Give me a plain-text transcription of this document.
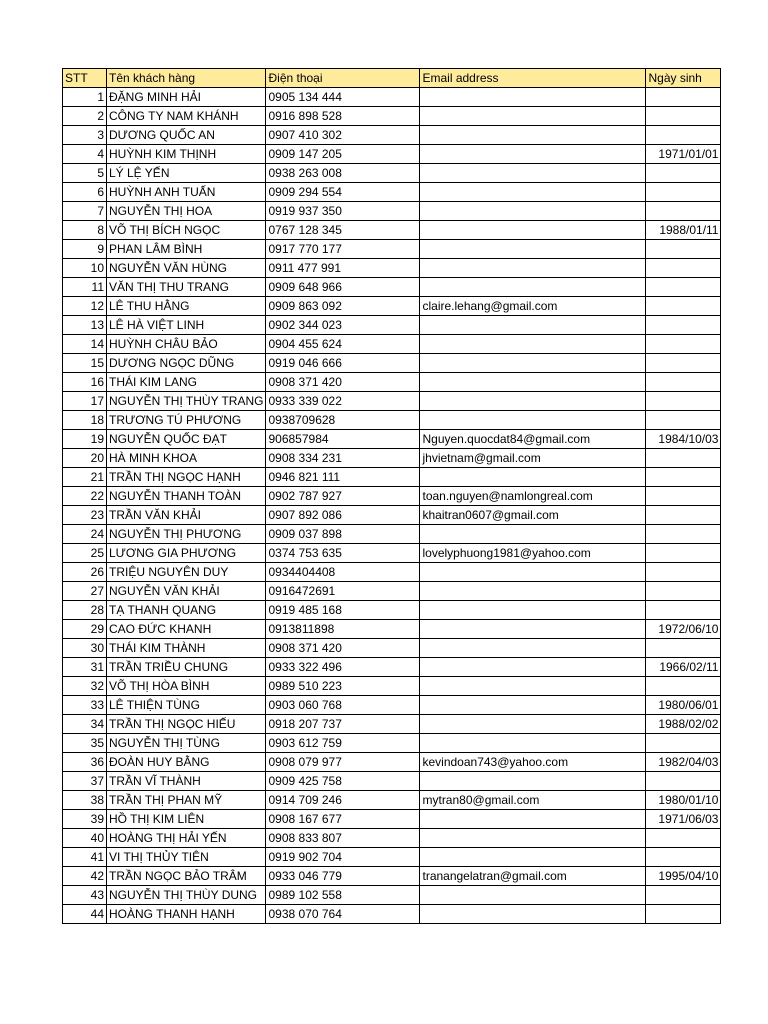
STT	Tên khách hàng	Điện thoại	Email address	Ngày sinh
1	ĐẶNG MINH HẢI	0905 134 444		
2	CÔNG TY NAM KHÁNH	0916 898 528		
3	DƯƠNG QUỐC AN	0907 410 302		
4	HUỲNH KIM THỊNH	0909 147 205		1971/01/01
5	LÝ LỆ YẾN	0938 263 008		
6	HUỲNH ANH TUẤN	0909 294 554		
7	NGUYỄN THỊ HOA	0919 937 350		
8	VÕ THỊ BÍCH NGỌC	0767 128 345		1988/01/11
9	PHAN LÂM BÌNH	0917 770 177		
10	NGUYỄN VĂN HÙNG	0911 477 991		
11	VĂN THỊ THU TRANG	0909 648 966		
12	LÊ THU HẰNG	0909 863 092	claire.lehang@gmail.com	
13	LÊ HÀ VIỆT LINH	0902 344 023		
14	HUỲNH CHÂU BẢO	0904 455 624		
15	DƯƠNG NGỌC DŨNG	0919 046 666		
16	THÁI KIM LANG	0908 371 420		
17	NGUYỄN THỊ THÙY TRANG	0933 339 022		
18	TRƯƠNG TÚ PHƯƠNG	0938709628		
19	NGUYỄN QUỐC ĐẠT	906857984	Nguyen.quocdat84@gmail.com	1984/10/03
20	HÀ MINH KHOA	0908 334 231	jhvietnam@gmail.com	
21	TRẦN THỊ NGỌC HẠNH	0946 821 111		
22	NGUYỄN THANH TOÀN	0902 787 927	toan.nguyen@namlongreal.com	
23	TRẦN VĂN KHẢI	0907 892 086	khaitran0607@gmail.com	
24	NGUYỄN THỊ PHƯƠNG	0909 037 898		
25	LƯƠNG GIA PHƯƠNG	0374 753 635	lovelyphuong1981@yahoo.com	
26	TRIỆU NGUYÊN DUY	0934404408		
27	NGUYỄN VĂN KHẢI	0916472691		
28	TẠ THANH QUANG	0919 485 168		
29	CAO ĐỨC KHANH	0913811898		1972/06/10
30	THÁI KIM THÀNH	0908 371 420		
31	TRẦN TRIỀU CHUNG	0933 322 496		1966/02/11
32	VÕ THỊ HÒA BÌNH	0989 510 223		
33	LÊ THIỆN TÙNG	0903 060 768		1980/06/01
34	TRẦN THỊ NGỌC HIẾU	0918 207 737		1988/02/02
35	NGUYỄN THỊ TÙNG	0903 612 759		
36	ĐOÀN HUY BẰNG	0908 079 977	kevindoan743@yahoo.com	1982/04/03
37	TRẦN VĨ THÀNH	0909 425 758		
38	TRẦN THỊ PHAN MỸ	0914 709 246	mytran80@gmail.com	1980/01/10
39	HỒ THỊ KIM LIÊN	0908 167 677		1971/06/03
40	HOÀNG THỊ HẢI YẾN	0908 833 807		
41	VI THỊ THỦY TIÊN	0919 902 704		
42	TRẦN NGỌC BẢO TRÂM	0933 046 779	tranangelatran@gmail.com	1995/04/10
43	NGUYỄN THỊ THÙY DUNG	0989 102 558		
44	HOÀNG THANH HẠNH	0938 070 764		
